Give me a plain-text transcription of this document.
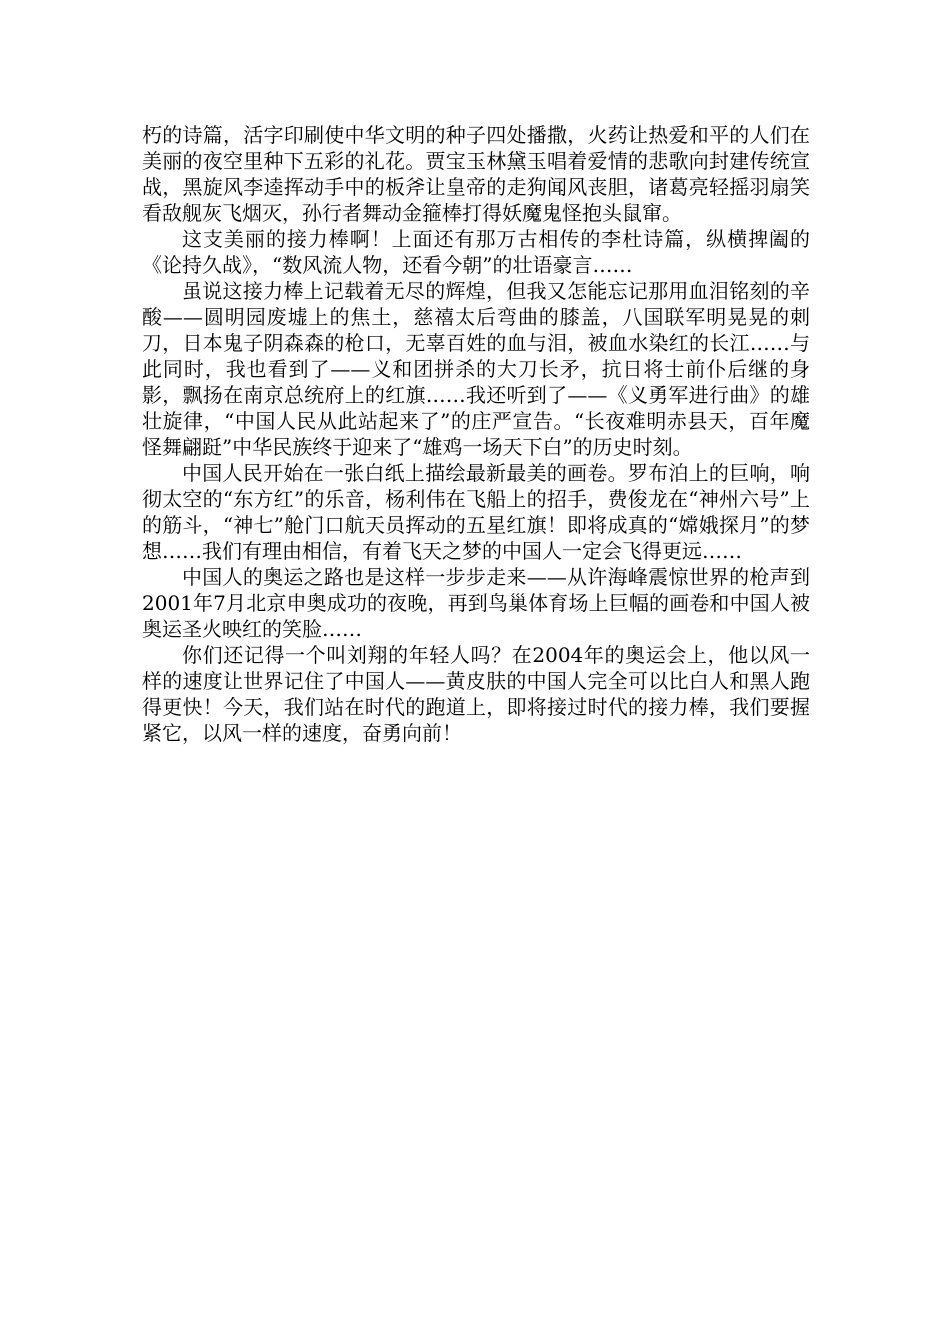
朽的诗篇，活字印刷使中华文明的种子四处播撒，火药让热爱和平的人们在美丽的夜空里种下五彩的礼花。贾宝玉林黛玉唱着爱情的悲歌向封建传统宣战，黑旋风李逵挥动手中的板斧让皇帝的走狗闻风丧胆，诸葛亮轻摇羽扇笑看敌舰灰飞烟灭，孙行者舞动金箍棒打得妖魔鬼怪抱头鼠窜。

这支美丽的接力棒啊！上面还有那万古相传的李杜诗篇，纵横捭阖的《论持久战》，“数风流人物，还看今朝”的壮语豪言……

虽说这接力棒上记载着无尽的辉煌，但我又怎能忘记那用血泪铭刻的辛酸——圆明园废墟上的焦土，慈禧太后弯曲的膝盖，八国联军明晃晃的刺刀，日本鬼子阴森森的枪口，无辜百姓的血与泪，被血水染红的长江……与此同时，我也看到了——义和团拼杀的大刀长矛，抗日将士前仆后继的身影，飘扬在南京总统府上的红旗……我还听到了——《义勇军进行曲》的雄壮旋律，“中国人民从此站起来了”的庄严宣告。“长夜难明赤县天，百年魔怪舞翩跹”中华民族终于迎来了“雄鸡一场天下白”的历史时刻。

中国人民开始在一张白纸上描绘最新最美的画卷。罗布泊上的巨响，响彻太空的“东方红”的乐音，杨利伟在飞船上的招手，费俊龙在“神州六号”上的筋斗，“神七”舱门口航天员挥动的五星红旗！即将成真的“嫦娥探月”的梦想……我们有理由相信，有着飞天之梦的中国人一定会飞得更远……

中国人的奥运之路也是这样一步步走来——从许海峰震惊世界的枪声到2001年7月北京申奥成功的夜晚，再到鸟巢体育场上巨幅的画卷和中国人被奥运圣火映红的笑脸……

你们还记得一个叫刘翔的年轻人吗？在2004年的奥运会上，他以风一样的速度让世界记住了中国人——黄皮肤的中国人完全可以比白人和黑人跑得更快！今天，我们站在时代的跑道上，即将接过时代的接力棒，我们要握紧它，以风一样的速度，奋勇向前！
